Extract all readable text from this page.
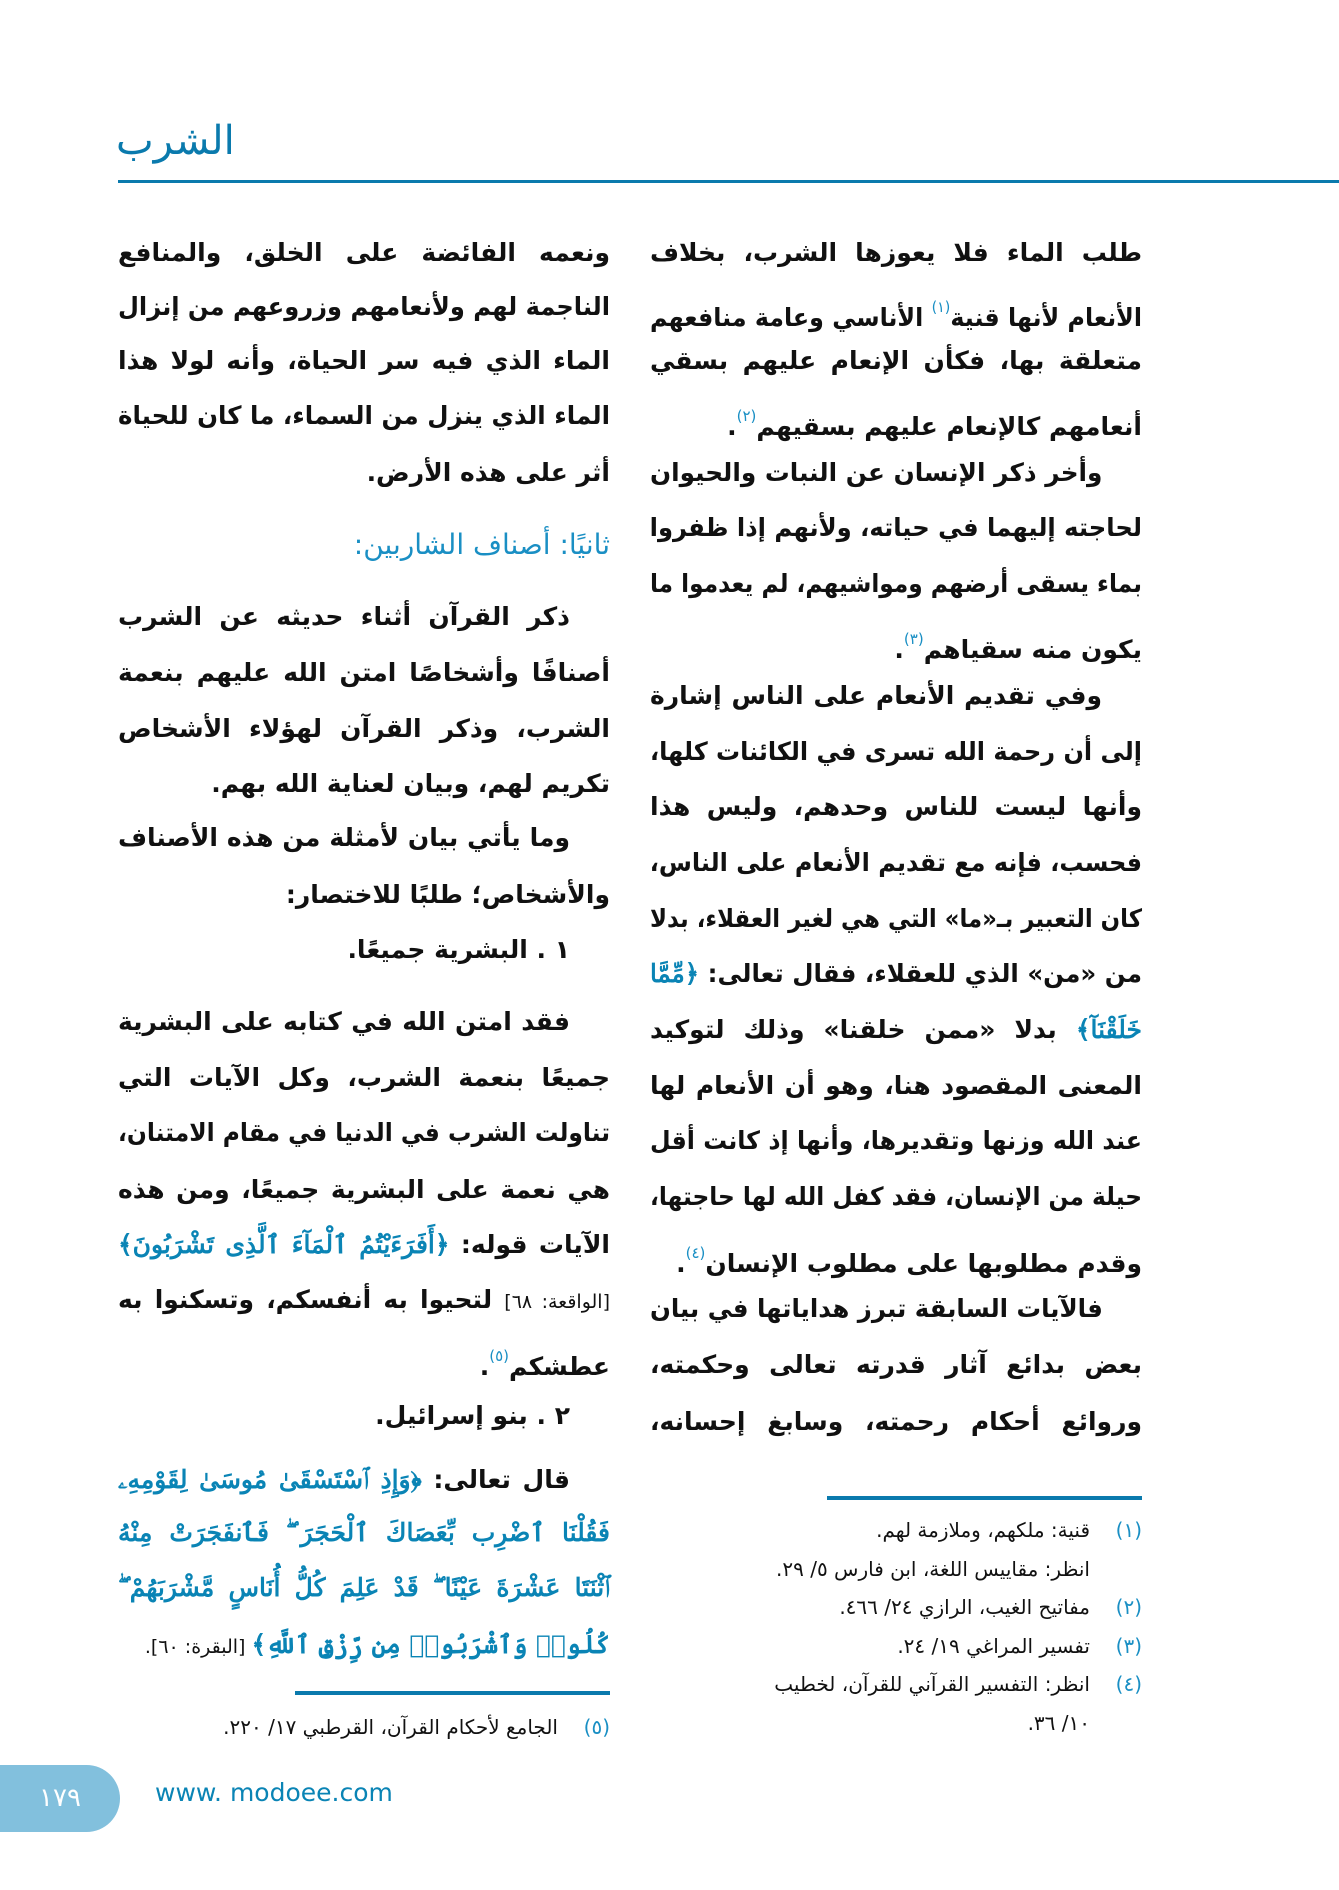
الشرب
طلب الماء فلا يعوزها الشرب، بخلاف
الأنعام لأنها قنية$^{(١)}$ الأناسي وعامة منافعهم
متعلقة بها، فكأن الإنعام عليهم بسقي
أنعامهم كالإنعام عليهم بسقيهم$^{(٢)}$.
وأخر ذكر الإنسان عن النبات والحيوان
لحاجته إليهما في حياته، ولأنهم إذا ظفروا
بماء يسقى أرضهم ومواشيهم، لم يعدموا ما
يكون منه سقياهم$^{(٣)}$.
وفي تقديم الأنعام على الناس إشارة
إلى أن رحمة الله تسرى في الكائنات كلها،
وأنها ليست للناس وحدهم، وليس هذا
فحسب، فإنه مع تقديم الأنعام على الناس،
كان التعبير بـ«ما» التي هي لغير العقلاء، بدلا
من «من» الذي للعقلاء، فقال تعالى: ﴿مِّمَّا
خَلَقْنَآ﴾ بدلا «ممن خلقنا» وذلك لتوكيد
المعنى المقصود هنا، وهو أن الأنعام لها
عند الله وزنها وتقديرها، وأنها إذ كانت أقل
حيلة من الإنسان، فقد كفل الله لها حاجتها،
وقدم مطلوبها على مطلوب الإنسان$^{(٤)}$.
فالآيات السابقة تبرز هداياتها في بيان
بعض بدائع آثار قدرته تعالى وحكمته،
وروائع أحكام رحمته، وسابغ إحسانه،
ونعمه الفائضة على الخلق، والمنافع
الناجمة لهم ولأنعامهم وزروعهم من إنزال
الماء الذي فيه سر الحياة، وأنه لولا هذا
الماء الذي ينزل من السماء، ما كان للحياة
أثر على هذه الأرض.
ثانيًا: أصناف الشاربين:
ذكر القرآن أثناء حديثه عن الشرب
أصنافًا وأشخاصًا امتن الله عليهم بنعمة
الشرب، وذكر القرآن لهؤلاء الأشخاص
تكريم لهم، وبيان لعناية الله بهم.
وما يأتي بيان لأمثلة من هذه الأصناف
والأشخاص؛ طلبًا للاختصار:
١ . البشرية جميعًا.
فقد امتن الله في كتابه على البشرية
جميعًا بنعمة الشرب، وكل الآيات التي
تناولت الشرب في الدنيا في مقام الامتنان،
هي نعمة على البشرية جميعًا، ومن هذه
الآيات قوله: ﴿أَفَرَءَيْتُمُ ٱلْمَآءَ ٱلَّذِى تَشْرَبُونَ﴾
[الواقعة: ٦٨] لتحيوا به أنفسكم، وتسكنوا به
عطشكم$^{(٥)}$.
٢ . بنو إسرائيل.
قال تعالى: ﴿وَإِذِ ٱسْتَسْقَىٰ مُوسَىٰ لِقَوْمِهِۦ
فَقُلْنَا ٱضْرِب بِّعَصَاكَ ٱلْحَجَرَ ۖ فَٱنفَجَرَتْ مِنْهُ
ٱثْنَتَا عَشْرَةَ عَيْنًا ۖ قَدْ عَلِمَ كُلُّ أُنَاسٍ مَّشْرَبَهُمْ ۖ
كُلُوا۟ وَٱشْرَبُوا۟ مِن رِّزْقِ ٱللَّهِ﴾ [البقرة: ٦٠].
(١)قنية: ملكهم، وملازمة لهم.
انظر: مقاييس اللغة، ابن فارس ٥/ ٢٩.
(٢)مفاتيح الغيب، الرازي ٢٤/ ٤٦٦.
(٣)تفسير المراغي ١٩/ ٢٤.
(٤)انظر: التفسير القرآني للقرآن، لخطيب
١٠/ ٣٦.
(٥)الجامع لأحكام القرآن، القرطبي ١٧/ ٢٢٠.
١٧٩	www. modoee.com
